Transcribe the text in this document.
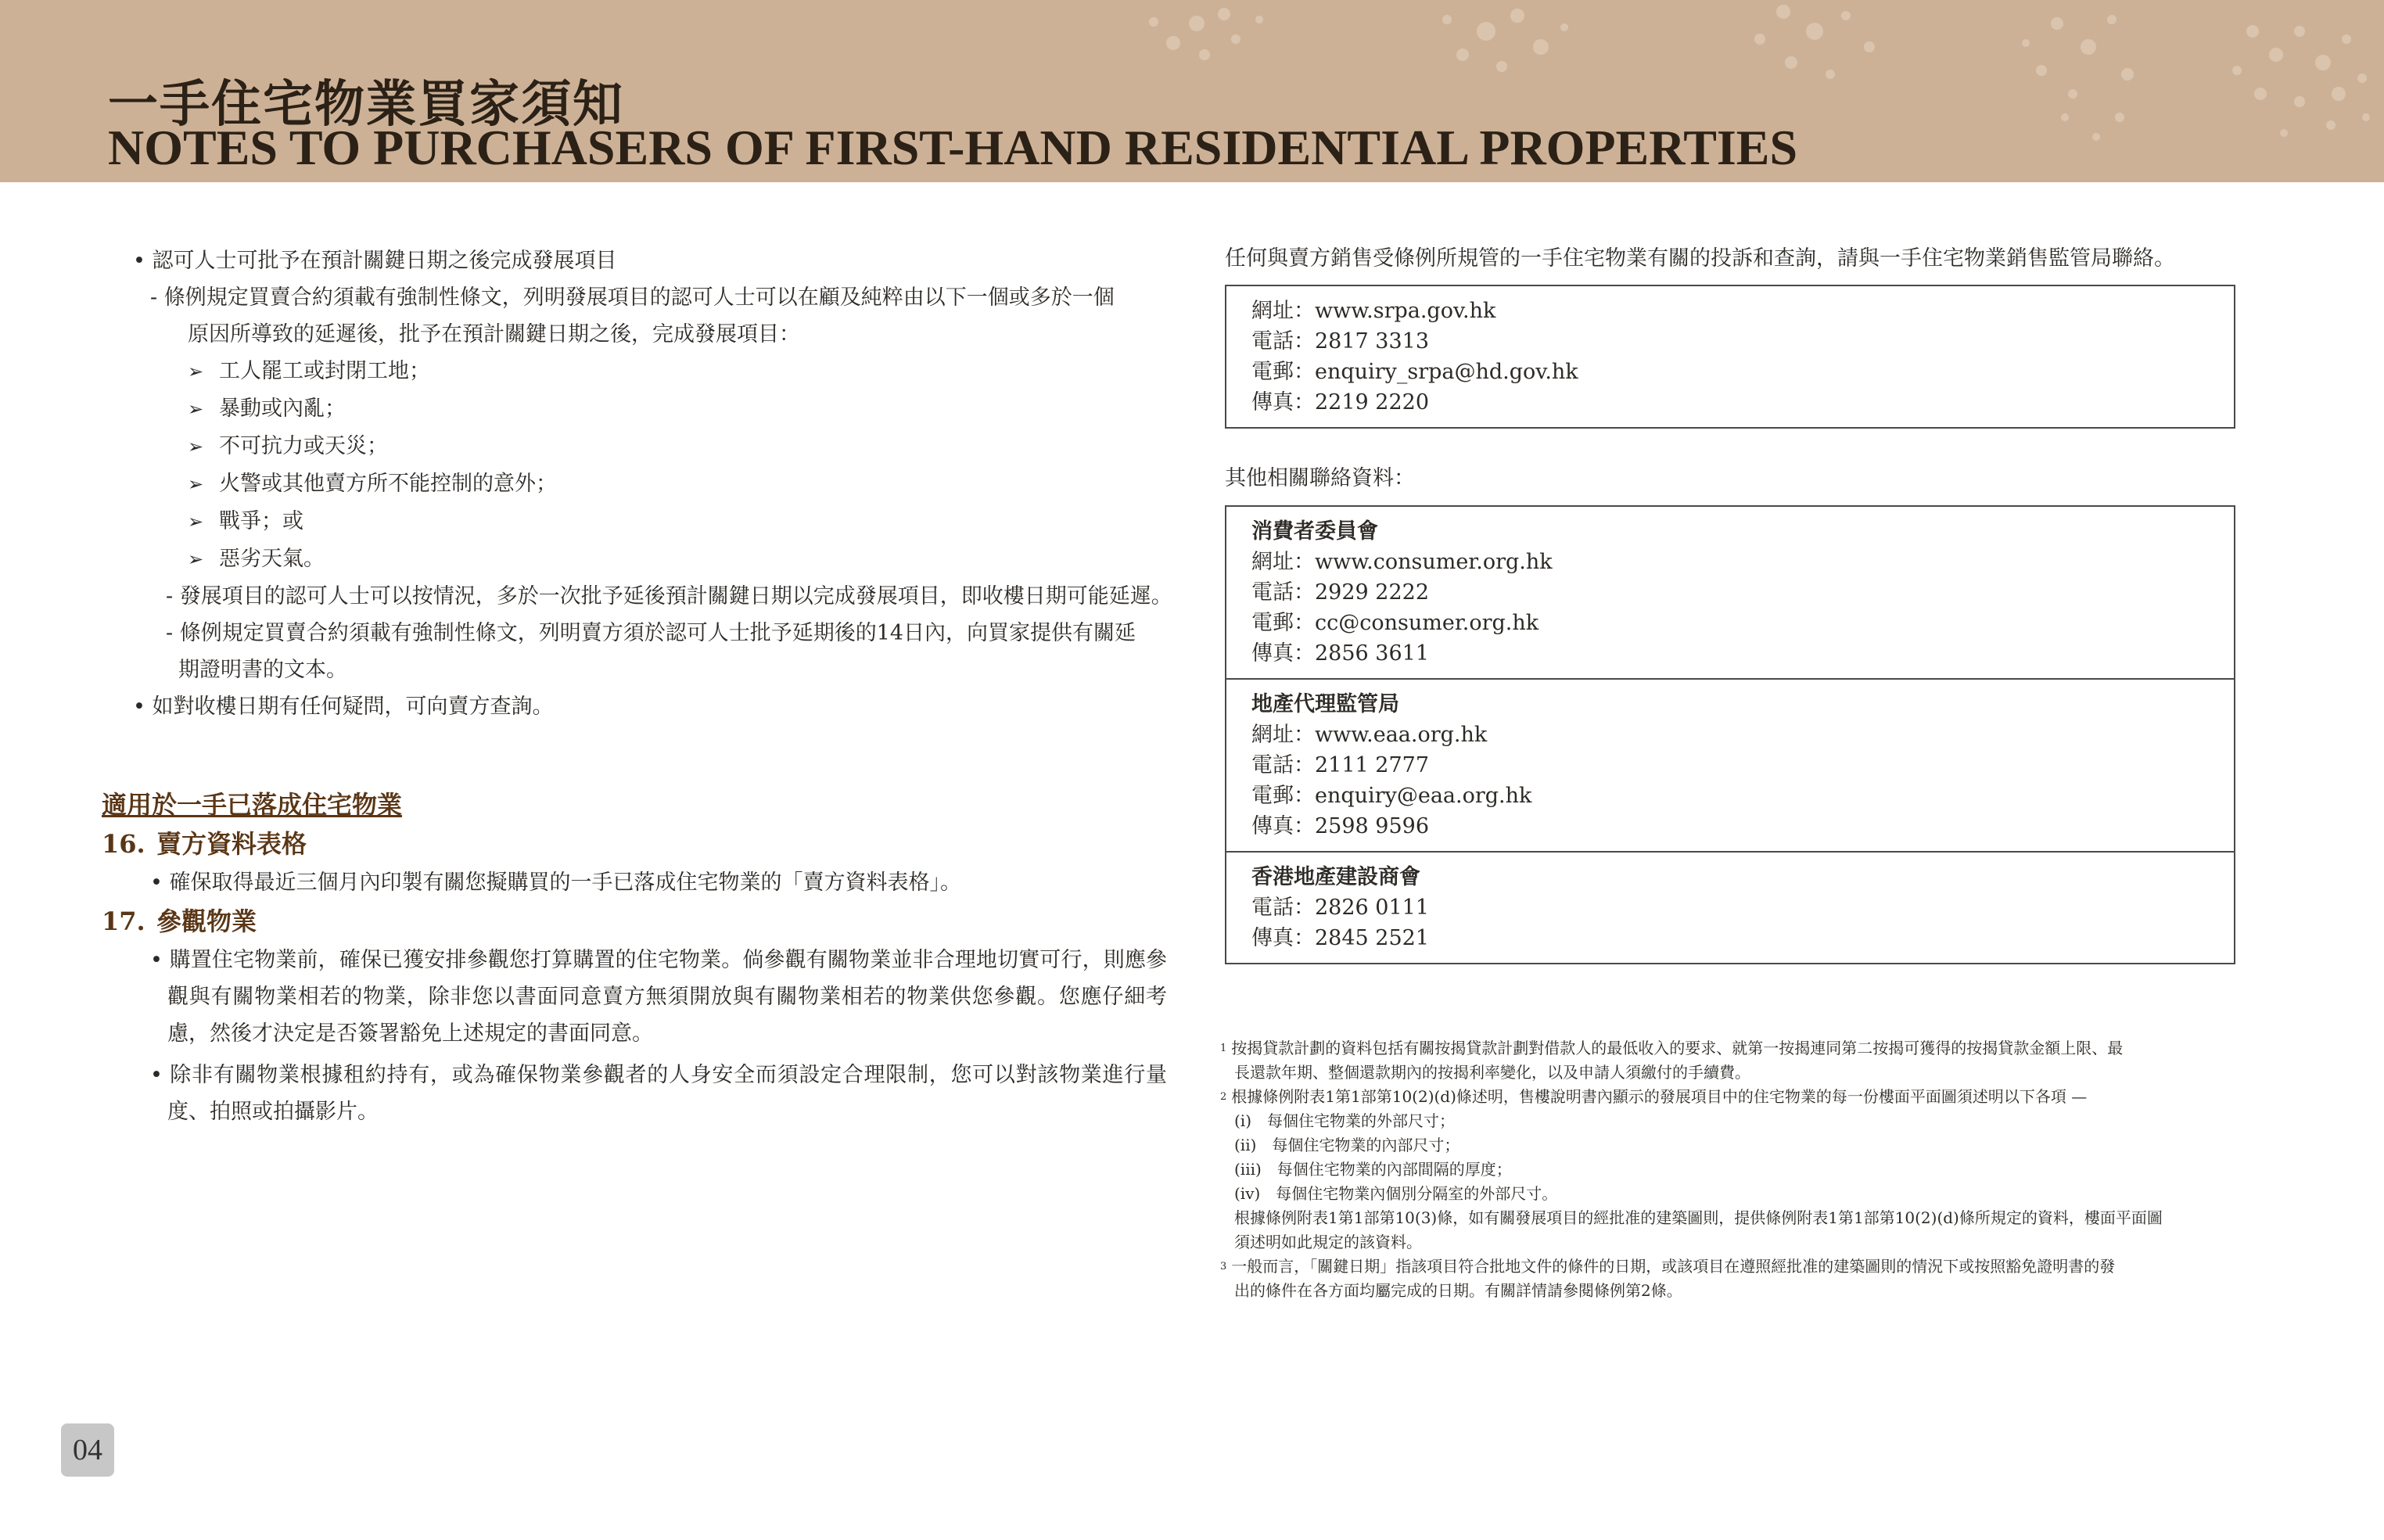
一手住宅物業買家須知
NOTES TO PURCHASERS OF FIRST-HAND RESIDENTIAL PROPERTIES
• 認可人士可批予在預計關鍵日期之後完成發展項目
- 條例規定買賣合約須載有強制性條文，列明發展項目的認可人士可以在顧及純粹由以下一個或多於一個
原因所導致的延遲後，批予在預計關鍵日期之後，完成發展項目：
➢ 工人罷工或封閉工地；
➢ 暴動或內亂；
➢ 不可抗力或天災；
➢ 火警或其他賣方所不能控制的意外；
➢ 戰爭；或
➢ 惡劣天氣。
- 發展項目的認可人士可以按情況，多於一次批予延後預計關鍵日期以完成發展項目，即收樓日期可能延遲。
- 條例規定買賣合約須載有強制性條文，列明賣方須於認可人士批予延期後的14日內，向買家提供有關延
期證明書的文本。
• 如對收樓日期有任何疑問，可向賣方查詢。
適用於一手已落成住宅物業
16. 賣方資料表格
• 確保取得最近三個月內印製有關您擬購買的一手已落成住宅物業的「賣方資料表格」。
17. 參觀物業
• 購置住宅物業前，確保已獲安排參觀您打算購置的住宅物業。倘參觀有關物業並非合理地切實可行，則應參觀與有關物業相若的物業，除非您以書面同意賣方無須開放與有關物業相若的物業供您參觀。您應仔細考慮，然後才決定是否簽署豁免上述規定的書面同意。
• 除非有關物業根據租約持有，或為確保物業參觀者的人身安全而須設定合理限制，您可以對該物業進行量度、拍照或拍攝影片。
任何與賣方銷售受條例所規管的一手住宅物業有關的投訴和查詢，請與一手住宅物業銷售監管局聯絡。
網址：www.srpa.gov.hk
電話：2817 3313
電郵：enquiry_srpa@hd.gov.hk
傳真：2219 2220
其他相關聯絡資料：
消費者委員會
網址：www.consumer.org.hk
電話：2929 2222
電郵：cc@consumer.org.hk
傳真：2856 3611
地產代理監管局
網址：www.eaa.org.hk
電話：2111 2777
電郵：enquiry@eaa.org.hk
傳真：2598 9596
香港地產建設商會
電話：2826 0111
傳真：2845 2521
$^1$ 按揭貸款計劃的資料包括有關按揭貸款計劃對借款人的最低收入的要求、就第一按揭連同第二按揭可獲得的按揭貸款金額上限、最
長還款年期、整個還款期內的按揭利率變化，以及申請人須繳付的手續費。
$^2$ 根據條例附表1第1部第10(2)(d)條述明，售樓說明書內顯示的發展項目中的住宅物業的每一份樓面平面圖須述明以下各項 —
(i)　每個住宅物業的外部尺寸；
(ii)　每個住宅物業的內部尺寸；
(iii)　每個住宅物業的內部間隔的厚度；
(iv)　每個住宅物業內個別分隔室的外部尺寸。
根據條例附表1第1部第10(3)條，如有關發展項目的經批准的建築圖則，提供條例附表1第1部第10(2)(d)條所規定的資料，樓面平面圖
須述明如此規定的該資料。
$^3$ 一般而言，「關鍵日期」指該項目符合批地文件的條件的日期，或該項目在遵照經批准的建築圖則的情況下或按照豁免證明書的發
出的條件在各方面均屬完成的日期。有關詳情請參閱條例第2條。
04
